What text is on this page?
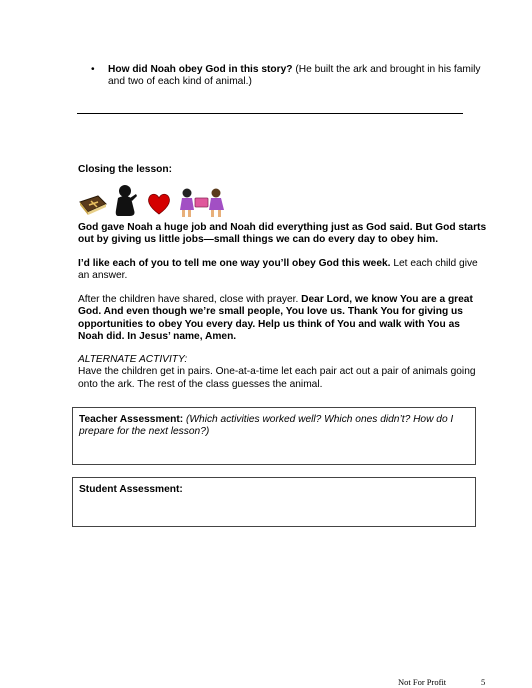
• How did Noah obey God in this story? (He built the ark and brought in his family and two of each kind of animal.)
Closing the lesson:
God gave Noah a huge job and Noah did everything just as God said. But God starts out by giving us little jobs—small things we can do every day to obey him.
I’d like each of you to tell me one way you’ll obey God this week. Let each child give an answer.
After the children have shared, close with prayer. Dear Lord, we know You are a great God. And even though we’re small people, You love us. Thank You for giving us opportunities to obey You every day. Help us think of You and walk with You as Noah did. In Jesus’ name, Amen.
ALTERNATE ACTIVITY:
Have the children get in pairs. One-at-a-time let each pair act out a pair of animals going onto the ark. The rest of the class guesses the animal.
Teacher Assessment: (Which activities worked well? Which ones didn’t? How do I prepare for the next lesson?)
Student Assessment:
Not For Profit	5
